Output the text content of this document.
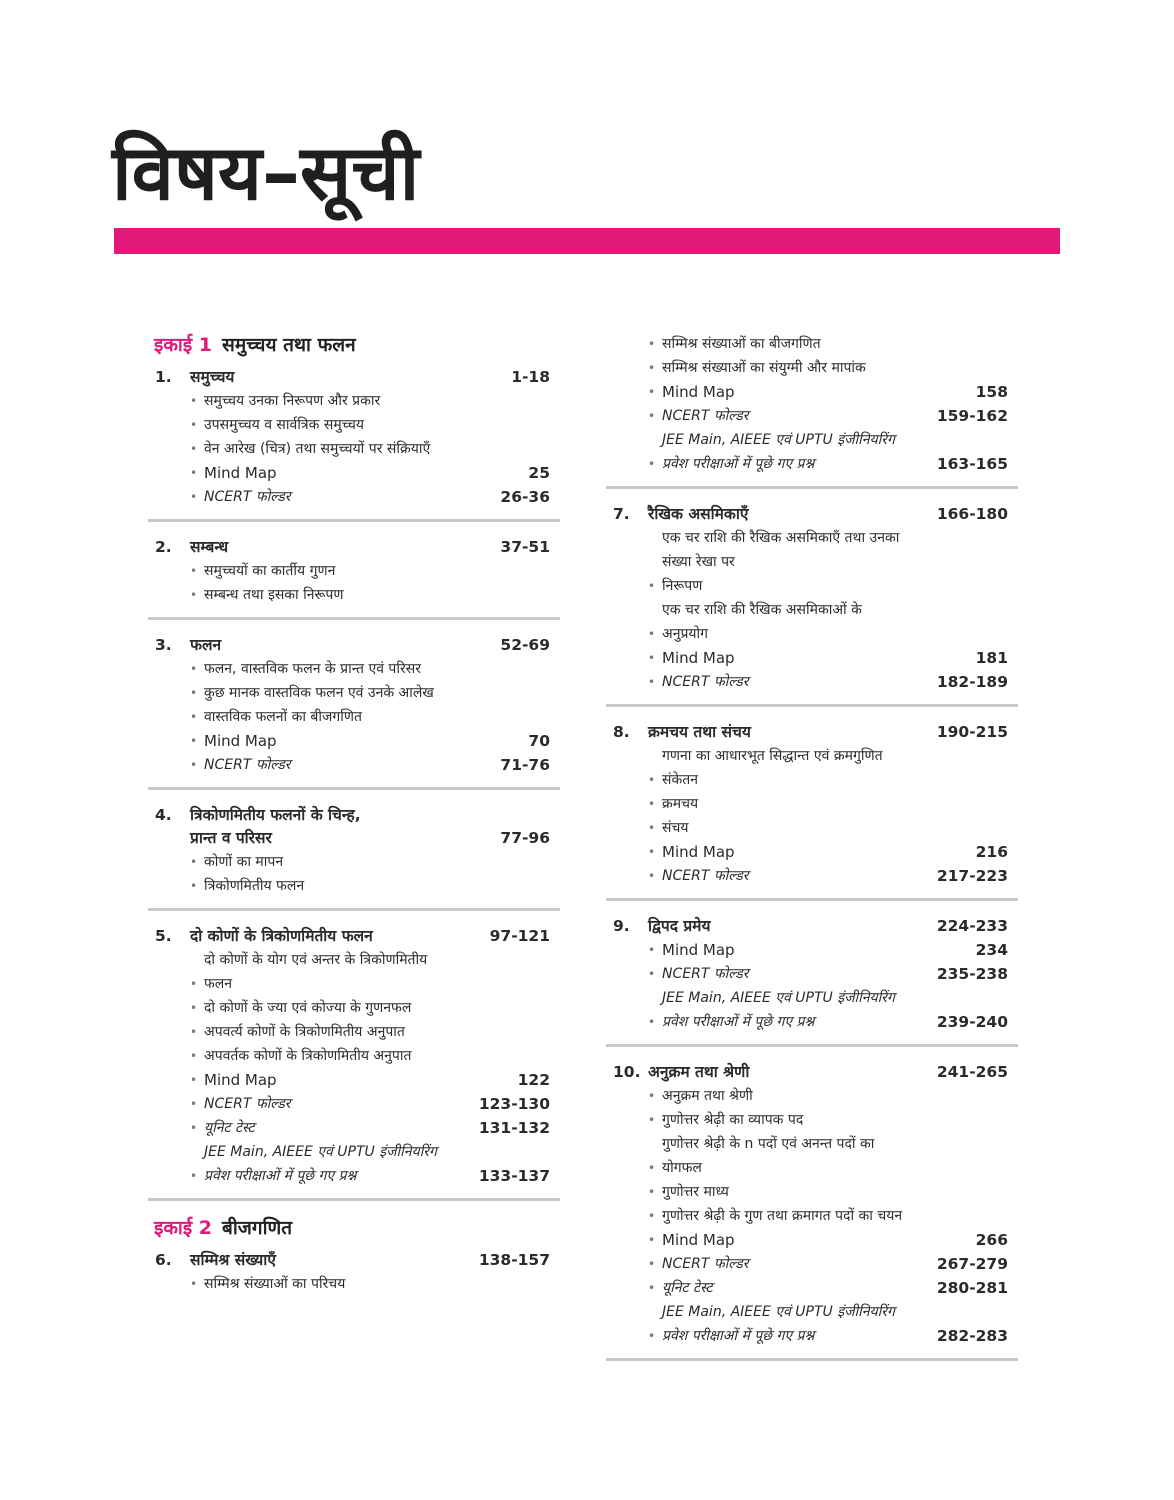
विषय–सूची
इकाई 1 समुच्चय तथा फलन
1.	समुच्चय	1-18
• समुच्चय उनका निरूपण और प्रकार
• उपसमुच्चय व सार्वत्रिक समुच्चय
• वेन आरेख (चित्र) तथा समुच्चयों पर संक्रियाएँ
• Mind Map	25
• NCERT फोल्डर	26-36
2.	सम्बन्ध	37-51
• समुच्चयों का कार्तीय गुणन
• सम्बन्ध तथा इसका निरूपण
3.	फलन	52-69
• फलन, वास्तविक फलन के प्रान्त एवं परिसर
• कुछ मानक वास्तविक फलन एवं उनके आलेख
• वास्तविक फलनों का बीजगणित
• Mind Map	70
• NCERT फोल्डर	71-76
4.	त्रिकोणमितीय फलनों के चिन्ह,
प्रान्त व परिसर	77-96
• कोणों का मापन
• त्रिकोणमितीय फलन
5.	दो कोणों के त्रिकोणमितीय फलन	97-121
•
दो कोणों के योग एवं अन्तर के त्रिकोणमितीय फलन
• दो कोणों के ज्या एवं कोज्या के गुणनफल
• अपवर्त्य कोणों के त्रिकोणमितीय अनुपात
• अपवर्तक कोणों के त्रिकोणमितीय अनुपात
• Mind Map	122
• NCERT फोल्डर	123-130
• यूनिट टेस्ट	131-132
•
JEE Main, AIEEE एवं UPTU इंजीनियरिंग
प्रवेश परीक्षाओं में पूछे गए प्रश्न	133-137
इकाई 2 बीजगणित
6.	सम्मिश्र संख्याएँ	138-157
• सम्मिश्र संख्याओं का परिचय
• सम्मिश्र संख्याओं का बीजगणित
• सम्मिश्र संख्याओं का संयुग्मी और मापांक
• Mind Map	158
• NCERT फोल्डर	159-162
•
JEE Main, AIEEE एवं UPTU इंजीनियरिंग
प्रवेश परीक्षाओं में पूछे गए प्रश्न	163-165
7.	रैखिक असमिकाएँ	166-180
•
एक चर राशि की रैखिक असमिकाएँ तथा उनका संख्या रेखा पर
निरूपण
•
एक चर राशि की रैखिक असमिकाओं के अनुप्रयोग
• Mind Map	181
• NCERT फोल्डर	182-189
8.	क्रमचय तथा संचय	190-215
•
गणना का आधारभूत सिद्धान्त एवं क्रमगुणित संकेतन
• क्रमचय
• संचय
• Mind Map	216
• NCERT फोल्डर	217-223
9.	द्विपद प्रमेय	224-233
• Mind Map	234
• NCERT फोल्डर	235-238
•
JEE Main, AIEEE एवं UPTU इंजीनियरिंग
प्रवेश परीक्षाओं में पूछे गए प्रश्न	239-240
10. अनुक्रम तथा श्रेणी	241-265
• अनुक्रम तथा श्रेणी
• गुणोत्तर श्रेढ़ी का व्यापक पद
•
गुणोत्तर श्रेढ़ी के n पदों एवं अनन्त पदों का योगफल
• गुणोत्तर माध्य
• गुणोत्तर श्रेढ़ी के गुण तथा क्रमागत पदों का चयन
• Mind Map	266
• NCERT फोल्डर	267-279
• यूनिट टेस्ट	280-281
•
JEE Main, AIEEE एवं UPTU इंजीनियरिंग
प्रवेश परीक्षाओं में पूछे गए प्रश्न	282-283
